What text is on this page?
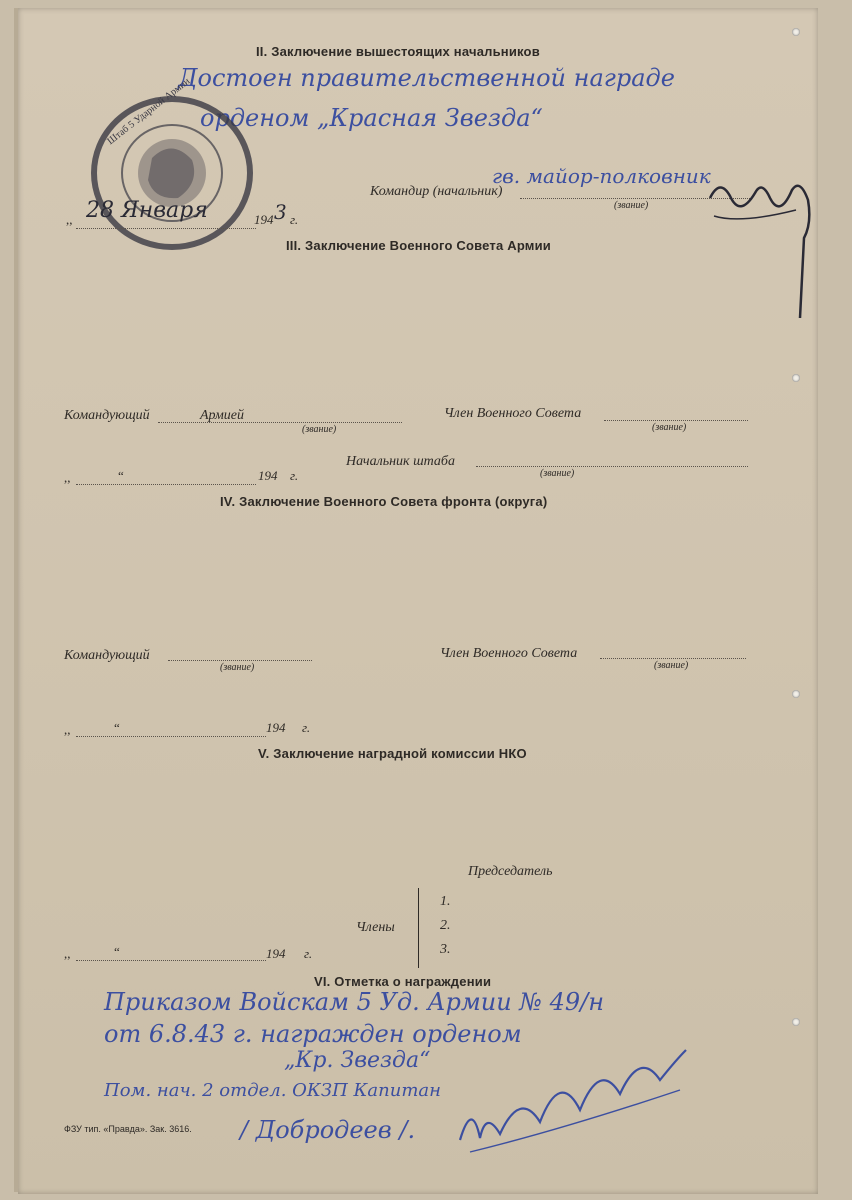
II. Заключение вышестоящих начальников
Достоен правительственной награде
орденом „Красная Звезда“
Штаб 5 Ударной Армии
Командир (начальник)
(звание)
гв. майор-полковник
,, 28 Января	194 3 г.
III. Заключение Военного Совета Армии
Командующий	Армией
(звание)
Член Военного Совета
(звание)
Начальник штаба
(звание)
,,	“	194 г.
IV. Заключение Военного Совета фронта (округа)
Командующий
(звание)
Член Военного Совета
(звание)
,,	“	194 г.
V. Заключение наградной комиссии НКО
Председатель
Члены
1.
2.
3.
,,	“	194 г.
VI. Отметка о награждении
Приказом Войскам 5 Уд. Армии № 49/н
от 6.8.43 г. награжден орденом
„Кр. Звезда“
Пом. нач. 2 отдел. ОКЗП Капитан
/ Добродеев /.
ФЗУ тип. «Правда». Зак. 3616.
